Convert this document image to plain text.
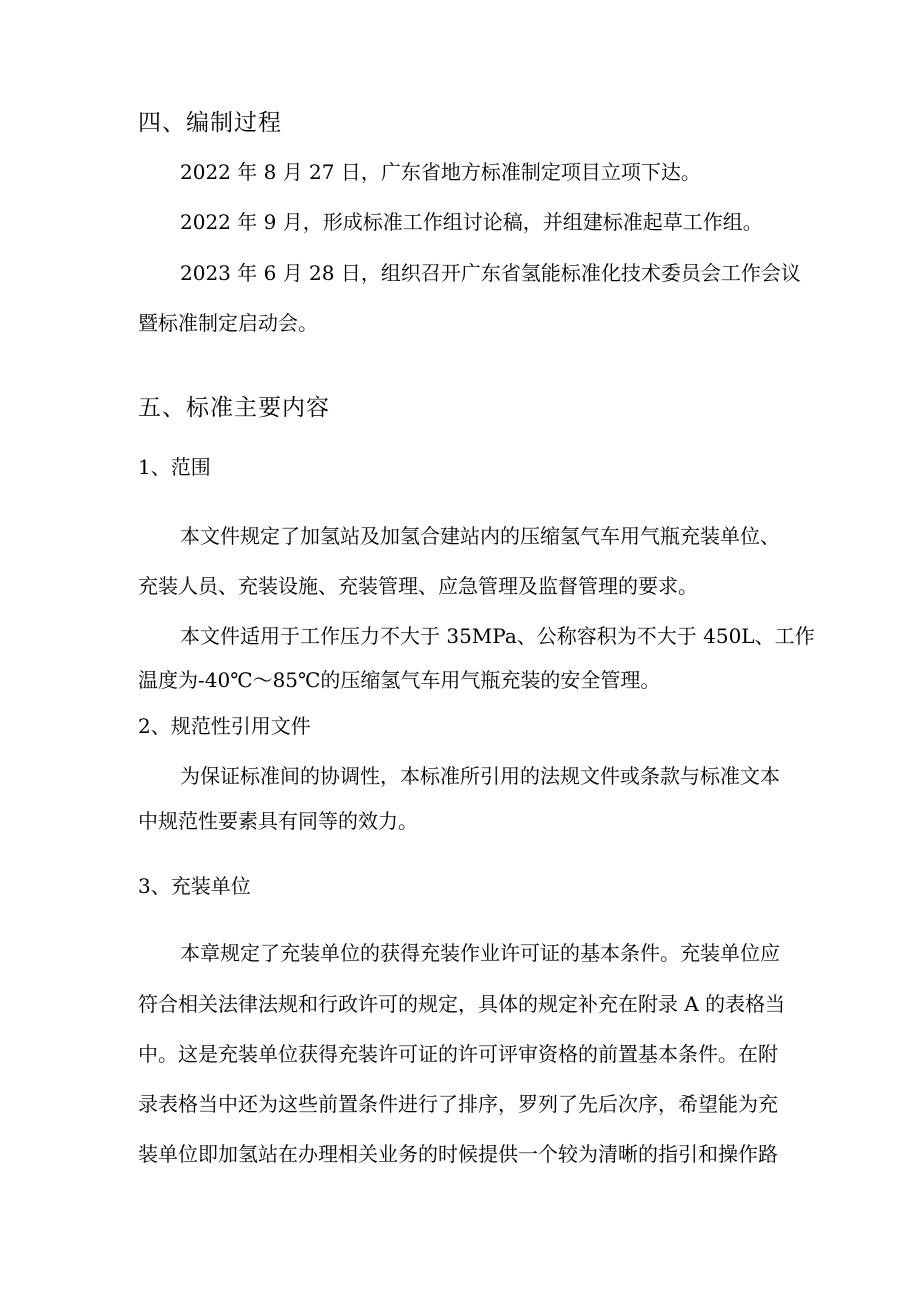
四、编制过程
2022 年 8 月 27 日，广东省地方标准制定项目立项下达。
2022 年 9 月，形成标准工作组讨论稿，并组建标准起草工作组。
2023 年 6 月 28 日，组织召开广东省氢能标准化技术委员会工作会议
暨标准制定启动会。
五、标准主要内容
1、范围
本文件规定了加氢站及加氢合建站内的压缩氢气车用气瓶充装单位、
充装人员、充装设施、充装管理、应急管理及监督管理的要求。
本文件适用于工作压力不大于 35MPa、公称容积为不大于 450L、工作
温度为-40℃～85℃的压缩氢气车用气瓶充装的安全管理。
2、规范性引用文件
为保证标准间的协调性，本标准所引用的法规文件或条款与标准文本
中规范性要素具有同等的效力。
3、充装单位
本章规定了充装单位的获得充装作业许可证的基本条件。充装单位应
符合相关法律法规和行政许可的规定，具体的规定补充在附录 A 的表格当
中。这是充装单位获得充装许可证的许可评审资格的前置基本条件。在附
录表格当中还为这些前置条件进行了排序，罗列了先后次序，希望能为充
装单位即加氢站在办理相关业务的时候提供一个较为清晰的指引和操作路
